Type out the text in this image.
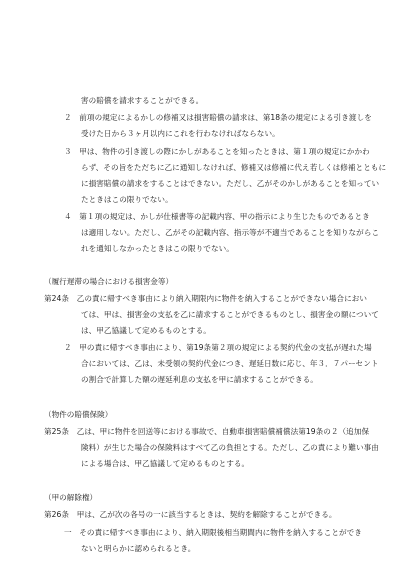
害の賠償を請求することができる。
２　前項の規定によるかしの修補又は損害賠償の請求は、第18条の規定による引き渡しを
受けた日から３ヶ月以内にこれを行わなければならない。
３　甲は、物件の引き渡しの際にかしがあることを知ったときは、第１項の規定にかかわ
らず、その旨をただちに乙に通知しなければ、修補又は修補に代え若しくは修補とともに
に損害賠償の請求をすることはできない。ただし、乙がそのかしがあることを知ってい
たときはこの限りでない。
４　第１項の規定は、かしが仕様書等の記載内容、甲の指示により生じたものであるとき
は適用しない。ただし、乙がその記載内容、指示等が不適当であることを知りながらこ
れを通知しなかったときはこの限りでない。
（履行遅滞の場合における損害金等）
第24条　乙の責に帰すべき事由により納入期限内に物件を納入することができない場合におい
ては、甲は、損害金の支払を乙に請求することができるものとし、損害金の額について
は、甲乙協議して定めるものとする。
２　甲の責に帰すべき事由により、第19条第２項の規定による契約代金の支払が遅れた場
合においては、乙は、未受領の契約代金につき、遅延日数に応じ、年３．７パーセント
の割合で計算した額の遅延利息の支払を甲に請求することができる。
（物件の賠償保険）
第25条　乙は、甲に物件を回送等における事故で、自動車損害賠償補償法第19条の２（追加保
険料）が生じた場合の保険料はすべて乙の負担とする。ただし、乙の責により難い事由
による場合は、甲乙協議して定めるものとする。
（甲の解除権）
第26条　甲は、乙が次の各号の一に該当するときは、契約を解除することができる。
一　その責に帰すべき事由により、納入期限後相当期間内に物件を納入することができ
ないと明らかに認められるとき。
